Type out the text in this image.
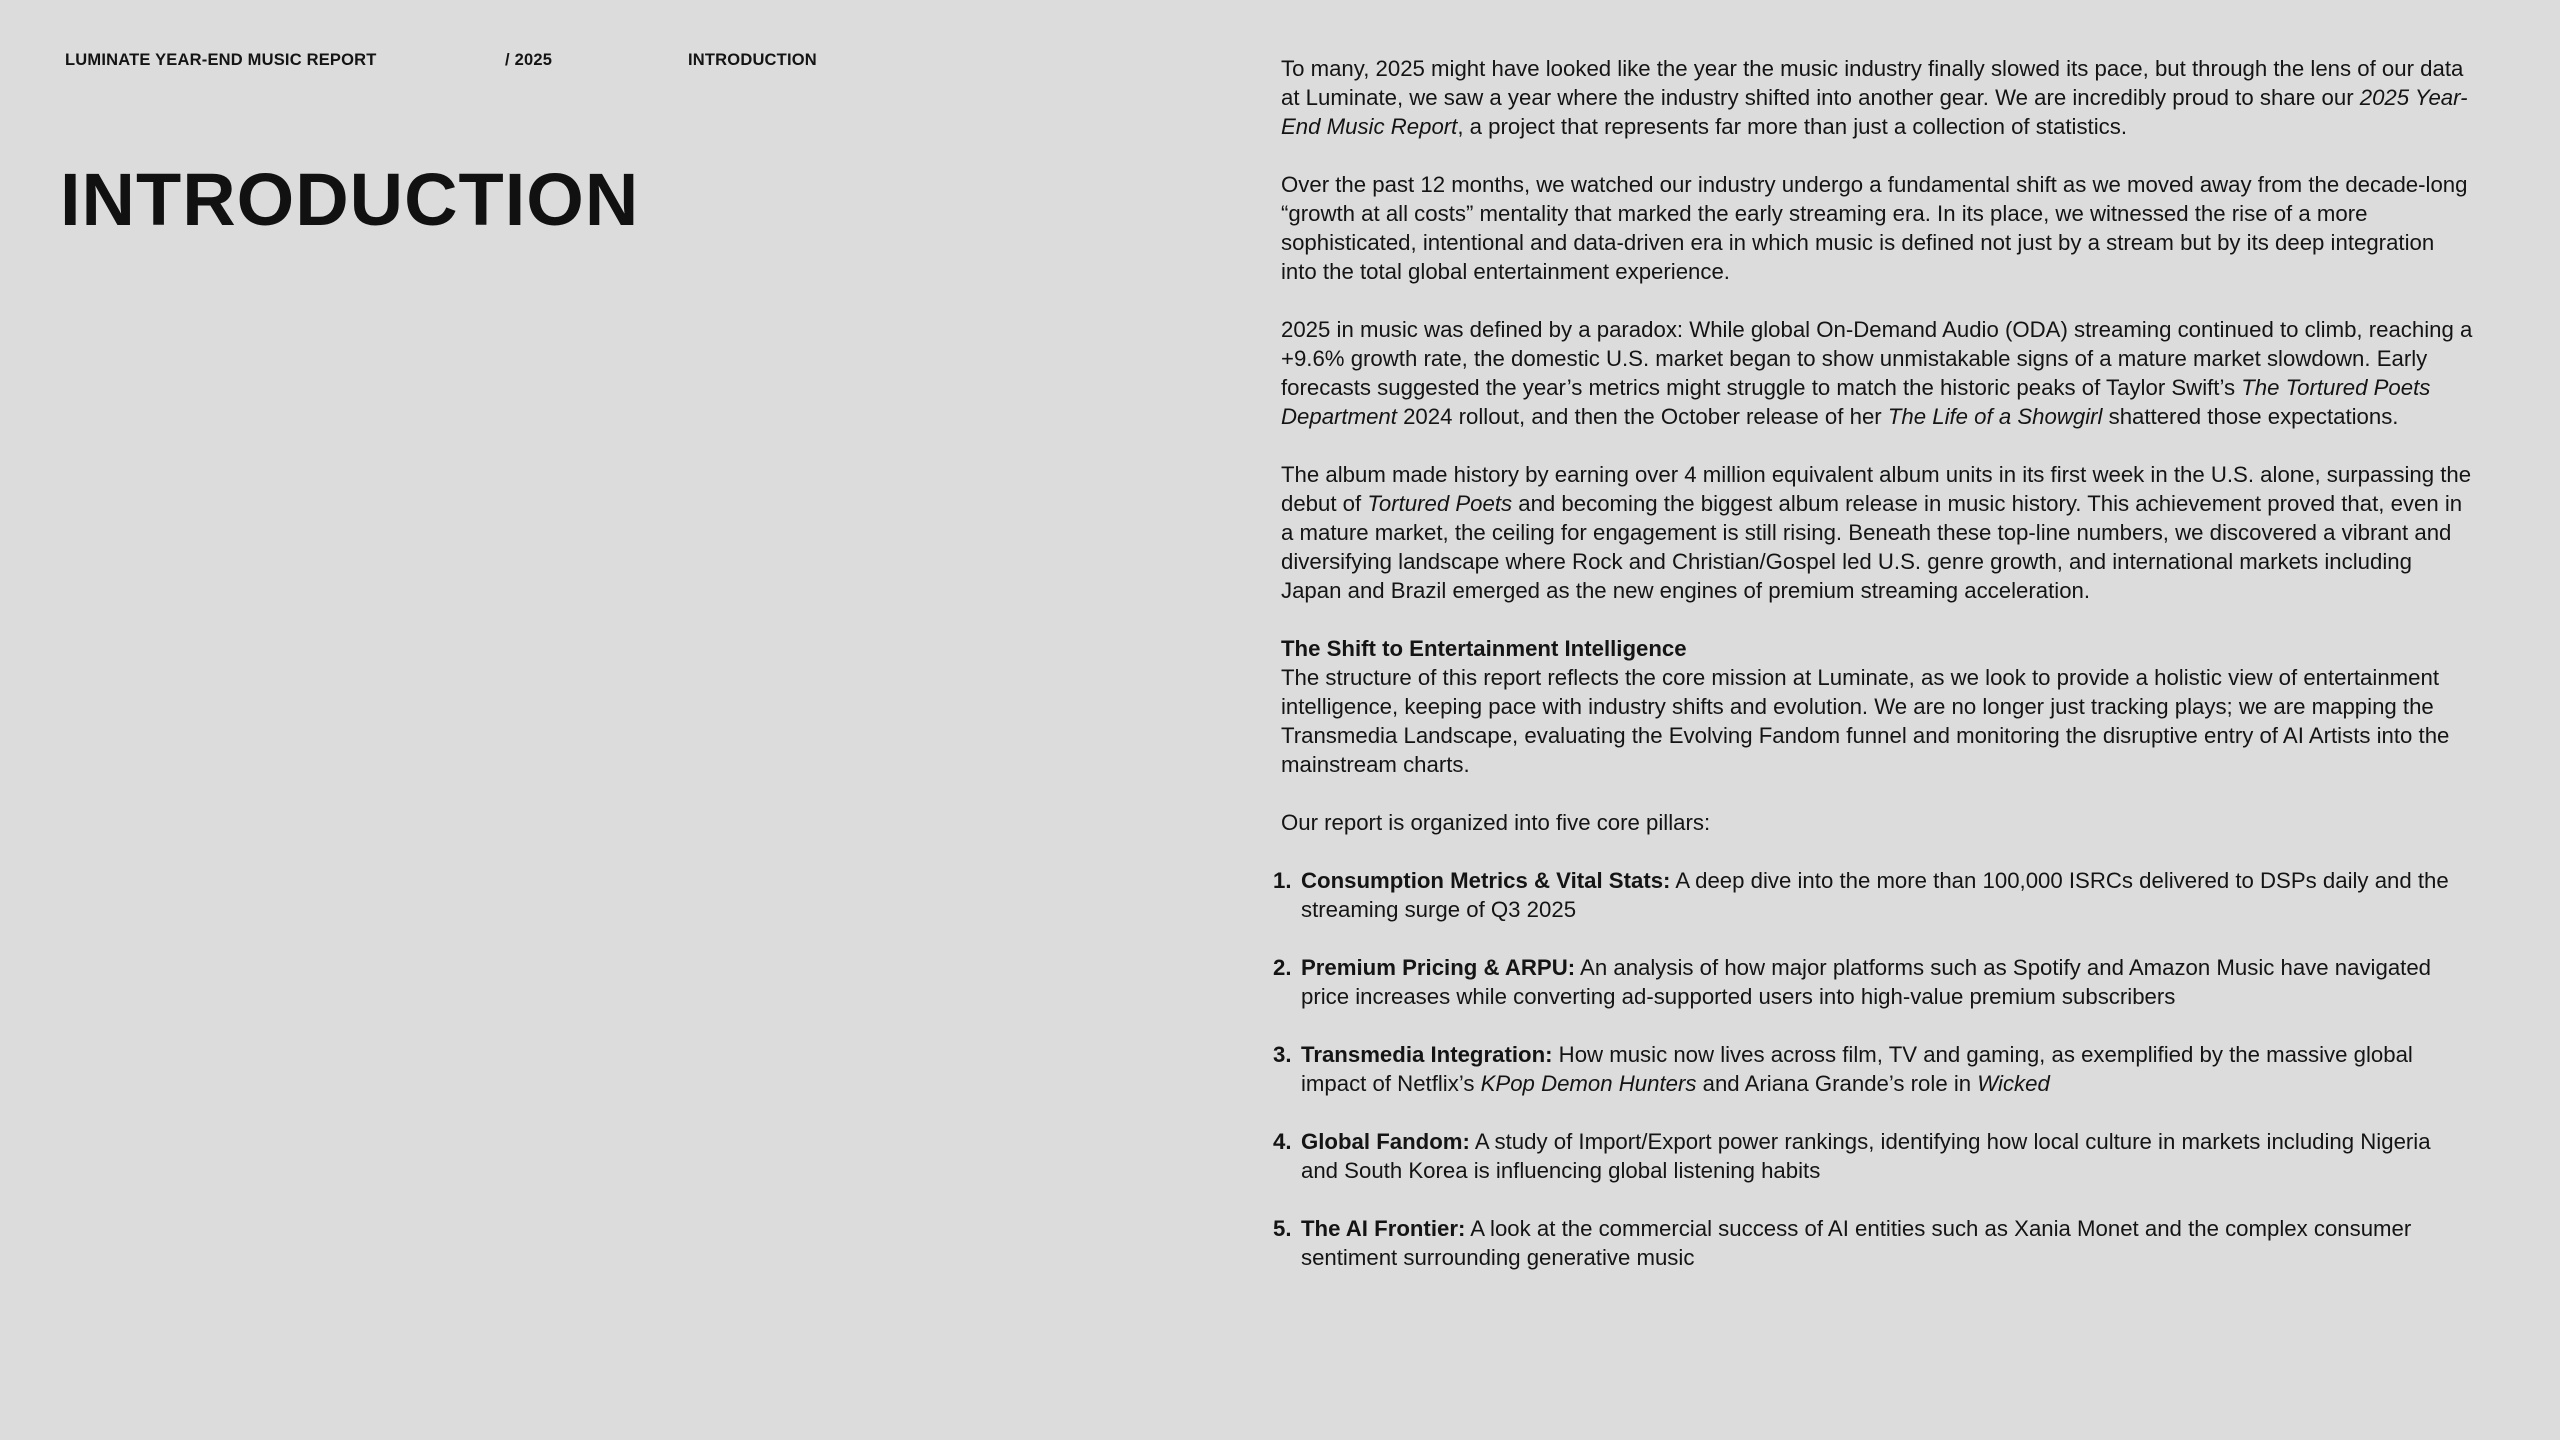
LUMINATE YEAR-END MUSIC REPORT	/ 2025	INTRODUCTION
INTRODUCTION

To many, 2025 might have looked like the year the music industry finally slowed its pace, but through the lens of our data at Luminate, we saw a year where the industry shifted into another gear. We are incredibly proud to share our 2025 Year-End Music Report, a project that represents far more than just a collection of statistics.

Over the past 12 months, we watched our industry undergo a fundamental shift as we moved away from the decade-long “growth at all costs” mentality that marked the early streaming era. In its place, we witnessed the rise of a more sophisticated, intentional and data-driven era in which music is defined not just by a stream but by its deep integration into the total global entertainment experience.

2025 in music was defined by a paradox: While global On-Demand Audio (ODA) streaming continued to climb, reaching a +9.6% growth rate, the domestic U.S. market began to show unmistakable signs of a mature market slowdown. Early forecasts suggested the year’s metrics might struggle to match the historic peaks of Taylor Swift’s The Tortured Poets Department 2024 rollout, and then the October release of her The Life of a Showgirl shattered those expectations.

The album made history by earning over 4 million equivalent album units in its first week in the U.S. alone, surpassing the debut of Tortured Poets and becoming the biggest album release in music history. This achievement proved that, even in a mature market, the ceiling for engagement is still rising. Beneath these top-line numbers, we discovered a vibrant and diversifying landscape where Rock and Christian/Gospel led U.S. genre growth, and international markets including Japan and Brazil emerged as the new engines of premium streaming acceleration.

The Shift to Entertainment Intelligence
The structure of this report reflects the core mission at Luminate, as we look to provide a holistic view of entertainment intelligence, keeping pace with industry shifts and evolution. We are no longer just tracking plays; we are mapping the Transmedia Landscape, evaluating the Evolving Fandom funnel and monitoring the disruptive entry of AI Artists into the mainstream charts.

Our report is organized into five core pillars:

1. Consumption Metrics & Vital Stats: A deep dive into the more than 100,000 ISRCs delivered to DSPs daily and the streaming surge of Q3 2025
2. Premium Pricing & ARPU: An analysis of how major platforms such as Spotify and Amazon Music have navigated price increases while converting ad-supported users into high-value premium subscribers
3. Transmedia Integration: How music now lives across film, TV and gaming, as exemplified by the massive global impact of Netflix’s KPop Demon Hunters and Ariana Grande’s role in Wicked
4. Global Fandom: A study of Import/Export power rankings, identifying how local culture in markets including Nigeria and South Korea is influencing global listening habits
5. The AI Frontier: A look at the commercial success of AI entities such as Xania Monet and the complex consumer sentiment surrounding generative music
